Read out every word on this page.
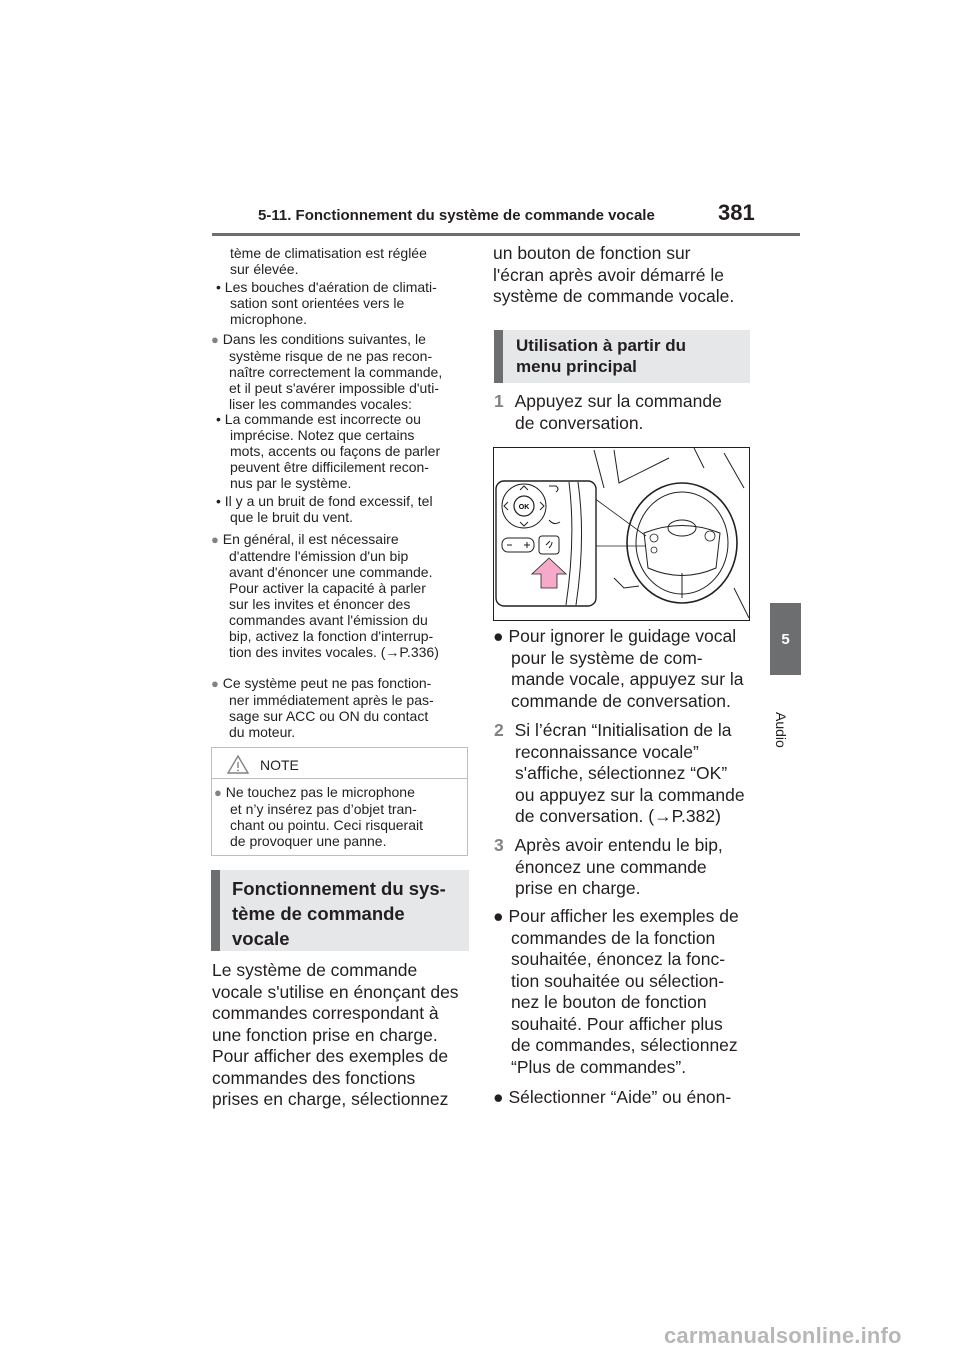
5-11. Fonctionnement du système de commande vocale	381
5
Audio
tème de climatisation est réglée
sur élevée.
• Les bouches d'aération de climati-
sation sont orientées vers le
microphone.
● Dans les conditions suivantes, le
système risque de ne pas recon-
naître correctement la commande,
et il peut s'avérer impossible d'uti-
liser les commandes vocales:
• La commande est incorrecte ou
imprécise. Notez que certains
mots, accents ou façons de parler
peuvent être difficilement recon-
nus par le système.
• Il y a un bruit de fond excessif, tel
que le bruit du vent.
● En général, il est nécessaire
d'attendre l'émission d'un bip
avant d'énoncer une commande.
Pour activer la capacité à parler
sur les invites et énoncer des
commandes avant l'émission du
bip, activez la fonction d'interrup-
tion des invites vocales. (→P.336)
● Ce système peut ne pas fonction-
ner immédiatement après le pas-
sage sur ACC ou ON du contact
du moteur.
NOTE
● Ne touchez pas le microphone
et n’y insérez pas d’objet tran-
chant ou pointu. Ceci risquerait
de provoquer une panne.
Fonctionnement du sys-
tème de commande
vocale
Le système de commande
vocale s'utilise en énonçant des
commandes correspondant à
une fonction prise en charge.
Pour afficher des exemples de
commandes des fonctions
prises en charge, sélectionnez
un bouton de fonction sur
l'écran après avoir démarré le
système de commande vocale.
Utilisation à partir du
menu principal
1 Appuyez sur la commande
de conversation.
OK
● Pour ignorer le guidage vocal
pour le système de com-
mande vocale, appuyez sur la
commande de conversation.
2 Si l’écran “Initialisation de la
reconnaissance vocale”
s'affiche, sélectionnez “OK”
ou appuyez sur la commande
de conversation. (→P.382)
3 Après avoir entendu le bip,
énoncez une commande
prise en charge.
● Pour afficher les exemples de
commandes de la fonction
souhaitée, énoncez la fonc-
tion souhaitée ou sélection-
nez le bouton de fonction
souhaité. Pour afficher plus
de commandes, sélectionnez
“Plus de commandes”.
● Sélectionner “Aide” ou énon-
carmanualsonline.info
